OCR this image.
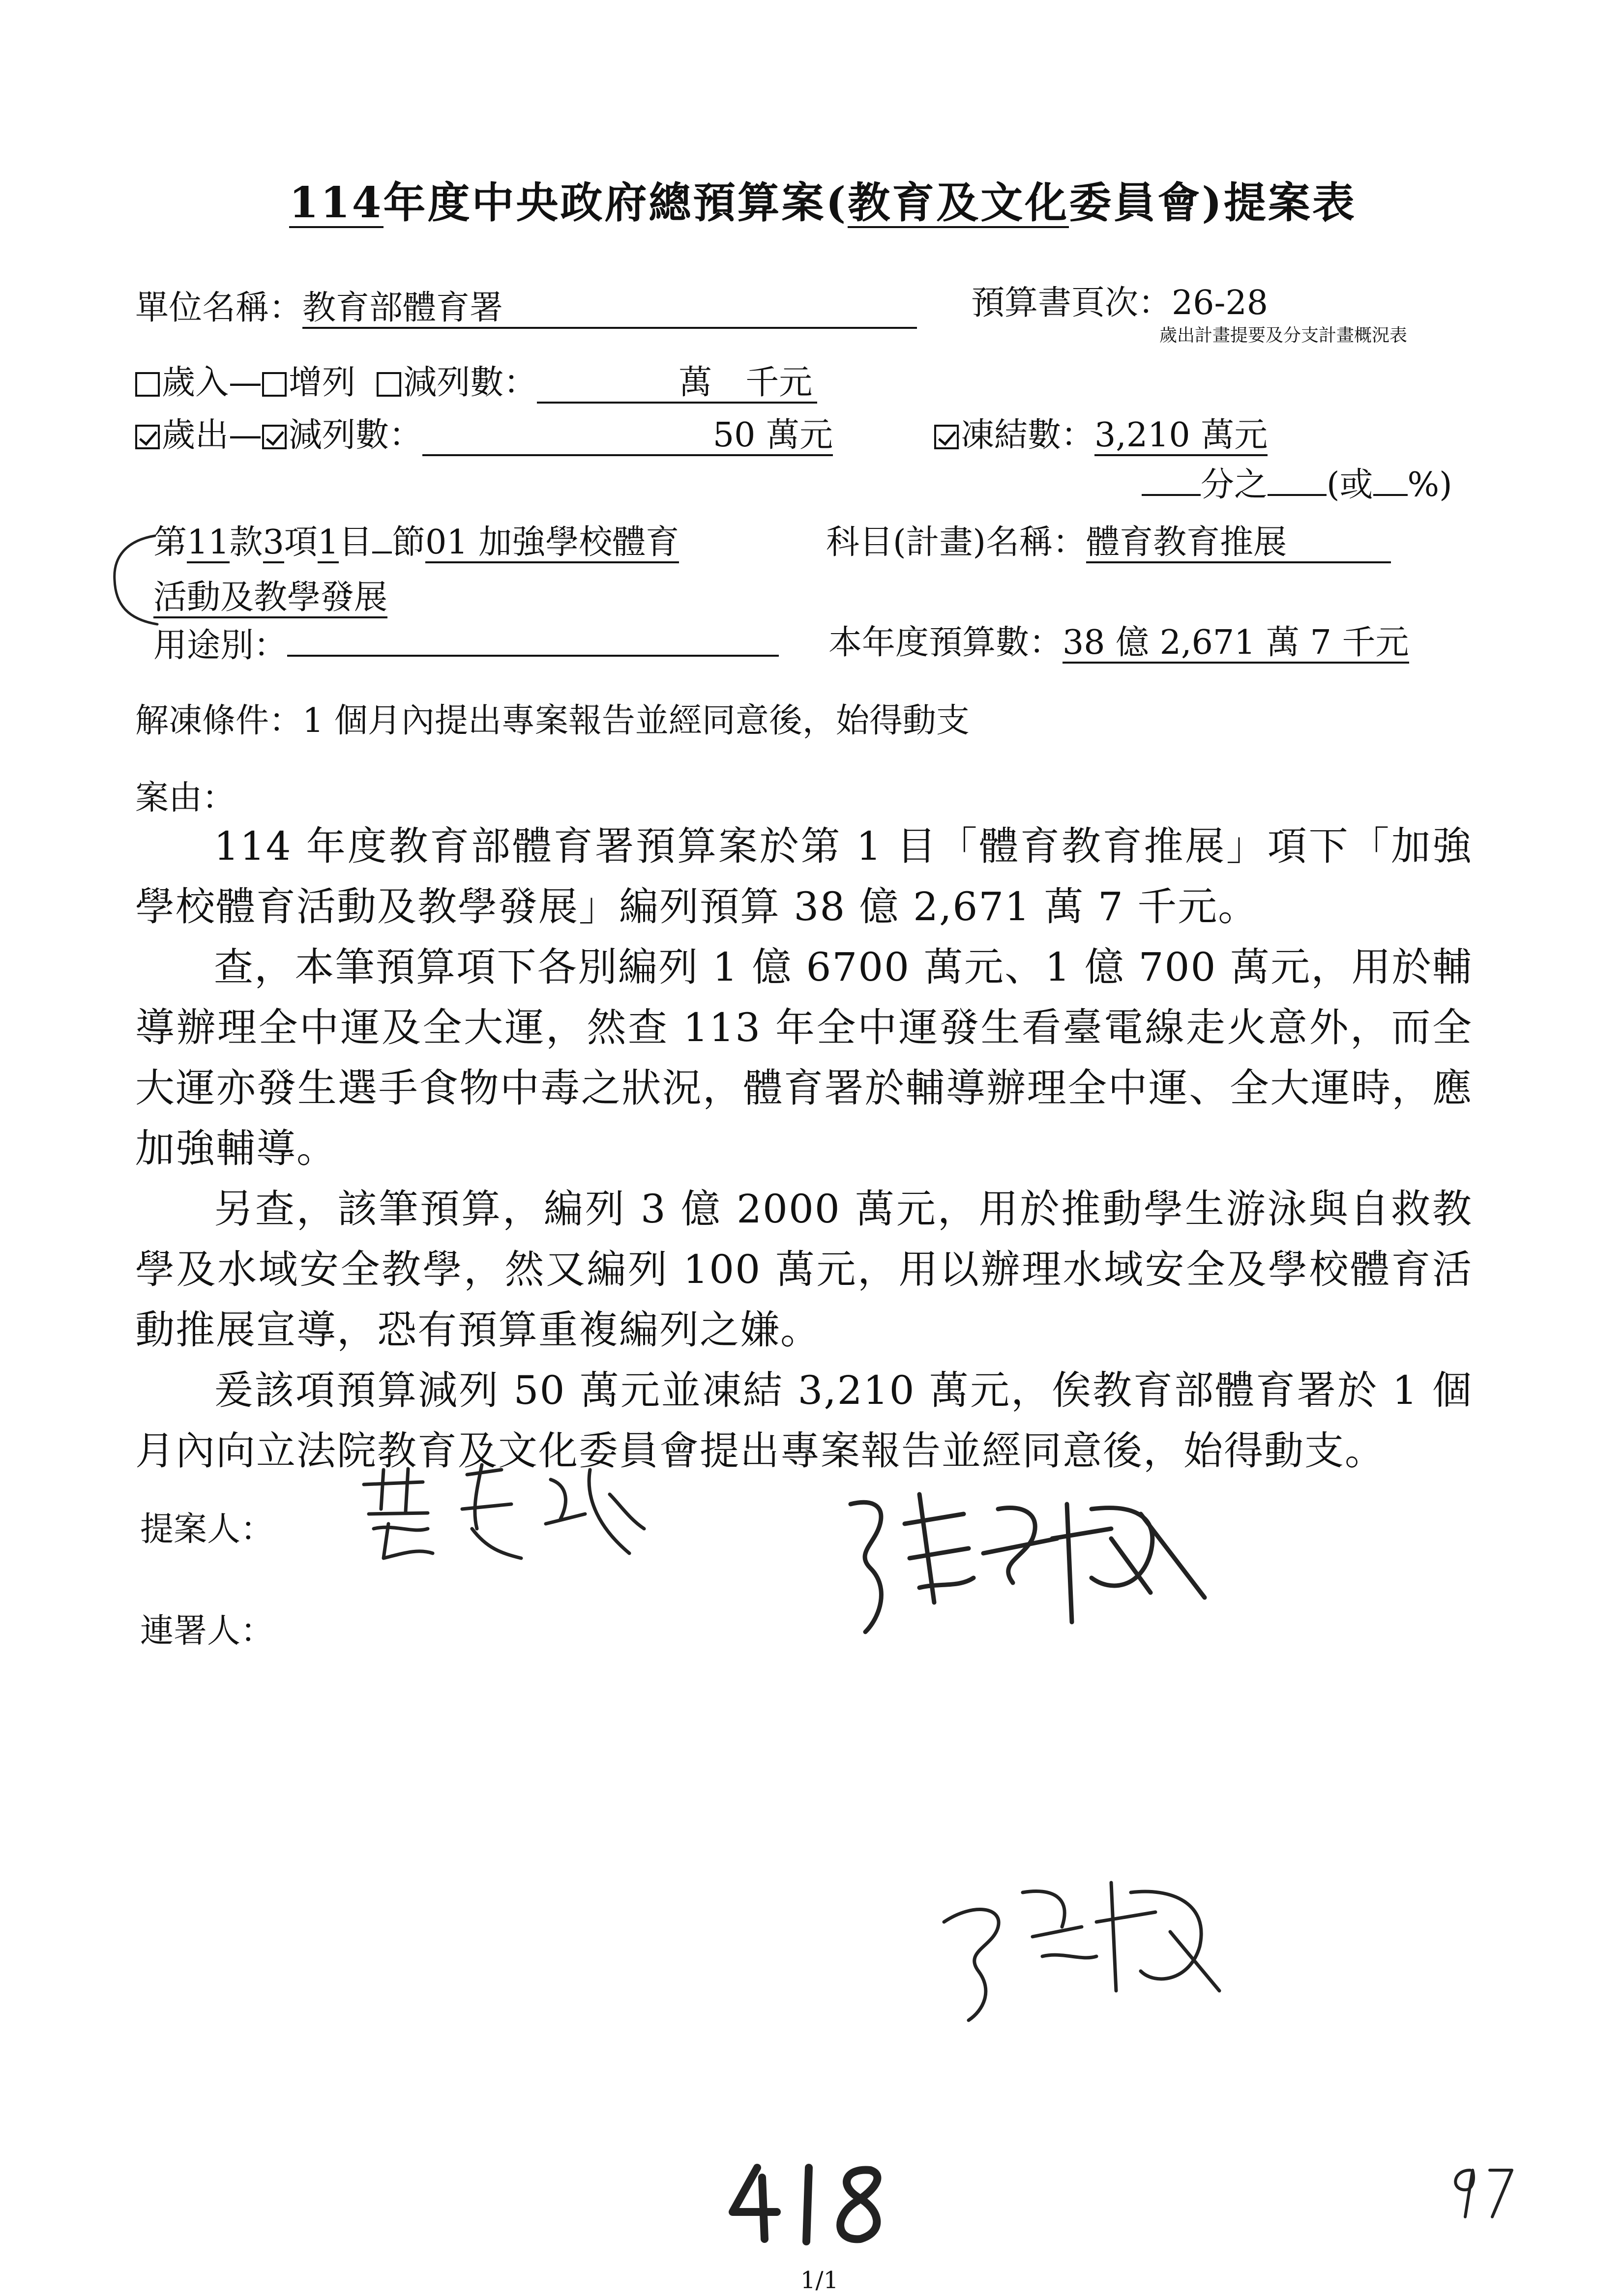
114年度中央政府總預算案(教育及文化委員會)提案表
單位名稱：教育部體育署	預算書頁次：26-28
歲出計畫提要及分支計畫概況表
歲入— 增列 減列數：	萬　千元
歲出— 減列數：	50 萬元	凍結數：3,210 萬元
分之 (或 %)
第11款3項1目 節01 加強學校體育	科目(計畫)名稱：體育教育推展
活動及教學發展
用途別：	本年度預算數：38 億 2,671 萬 7 千元
解凍條件：1 個月內提出專案報告並經同意後，始得動支
案由：

114 年度教育部體育署預算案於第 1 目「體育教育推展」項下「加強學校體育活動及教學發展」編列預算 38 億 2,671 萬 7 千元。

查，本筆預算項下各別編列 1 億 6700 萬元、1 億 700 萬元，用於輔導辦理全中運及全大運，然查 113 年全中運發生看臺電線走火意外，而全大運亦發生選手食物中毒之狀況，體育署於輔導辦理全中運、全大運時，應加強輔導。

另查，該筆預算，編列 3 億 2000 萬元，用於推動學生游泳與自救教學及水域安全教學，然又編列 100 萬元，用以辦理水域安全及學校體育活動推展宣導，恐有預算重複編列之嫌。

爰該項預算減列 50 萬元並凍結 3,210 萬元，俟教育部體育署於 1 個月內向立法院教育及文化委員會提出專案報告並經同意後，始得動支。

提案人：
連署人：
1/1
